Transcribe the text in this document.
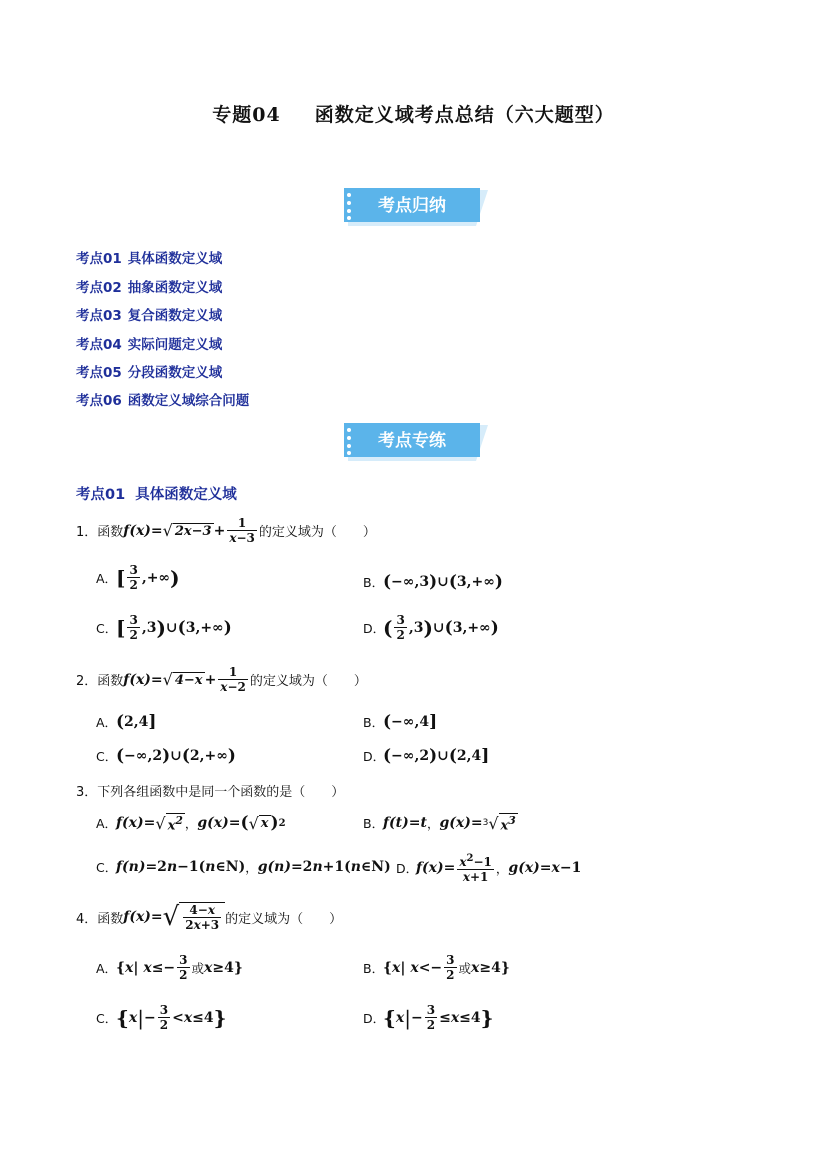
专题04 函数定义域考点总结（六大题型）
考点归纳
考点01 具体函数定义域
考点02 抽象函数定义域
考点03 复合函数定义域
考点04 实际问题定义域
考点05 分段函数定义域
考点06 函数定义域综合问题
考点专练
考点01 具体函数定义域
1． 函数 f(x) = √ $2x-3 + \frac{1}{x-3}$ 的定义域为（　　）
A．
[ $\frac{3}{2}$ ,+∞ )	B．
( −∞,3 ) ∪ ( 3,+∞ )
C．
[ $\frac{3}{2} ,3$ ) ∪ ( 3,+∞ )	D．
( $\frac{3}{2} ,3$ ) ∪ ( 3,+∞ )
2． 函数 f(x) = √ $4-x + \frac{1}{x-2}$ 的定义域为（　　）
A．
( 2,4 ]	B．
( −∞,4 ]
C．
( −∞,2 ) ∪ ( 2,+∞ )	D．
( −∞,2 ) ∪ ( 2,4 ]
3． 下列各组函数中是同一个函数的是（　　）
A．
f(x) = √ $x^2$ ， g(x) = ( √ x ) 2	B．
f(t) = t ， g(x) = 3 √ $x^3$
C．
f(n) =2 n −1( n ∈N) ， g(n) =2 n +1( n ∈N) D．
$f(x) = \frac{x^2-1}{x+1}$ ， g(x) = x −1
4． 函数 f(x) = √ $\frac{4-x}{2x+3}$ 的定义域为（　　）
A．
{ x | $x \le- \frac{3}{2}$ 或 x ≥4}	B．
{ x | $x <- \frac{3}{2}$ 或 x ≥4}
C．
{ x | − $\frac{3}{2} < x \le 4$ }	D．
{ x | − $\frac{3}{2} \le x \le 4$ }
